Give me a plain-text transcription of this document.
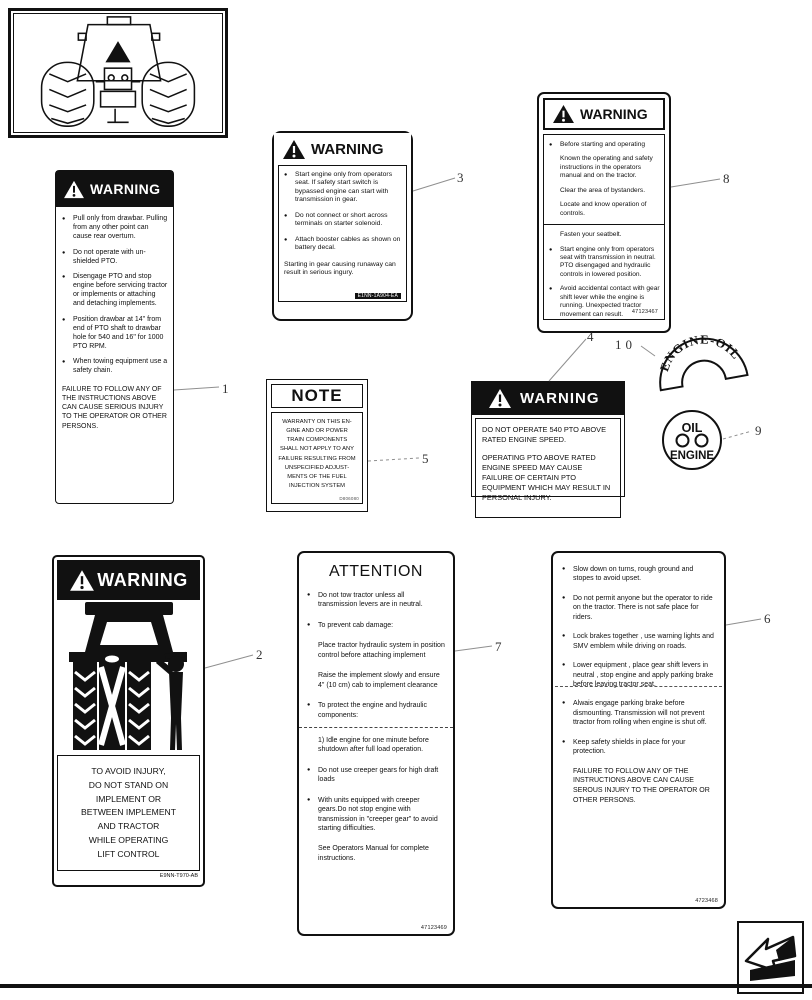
WARNING
● Pull only from drawbar. Pulling from any other point can cause rear overturn.
● Do not operate with un-shielded PTO.
● Disengage PTO and stop engine before servicing tractor or implements or attaching and detaching implements.
● Position drawbar at 14" from end of PTO shaft to drawbar hole for 540 and 16" for 1000 PTO RPM.
● When towing equipment use a safety chain.
FAILURE TO FOLLOW ANY OF THE INSTRUCTIONS ABOVE CAN CAUSE SERIOUS INJURY TO THE OPERATOR OR OTHER PERSONS.
WARNING
● Start engine only from operators seat. If safety start switch is bypassed engine can start with transmission in gear.
● Do not connect or short across terminals on starter solenoid.
● Attach booster cables as shown on battery decal.
Starting in gear causing runaway can result in serious ingury.
E1NN-1A904-EA
WARNING
● Before starting and operating
Known the operating and safety instructions in the operators manual and on the tractor.
Clear the area of bystanders.
Locate and know operation of controls.
Fasten your seatbelt.
● Start engine only from operators seat with transmission in neutral. PTO disengaged and hydraulic controls in lowered position.
● Avoid accidental contact with gear shift lever while the engine is running. Unexpected tractor movement can result.	47123467
WARNING

DO NOT OPERATE 540 PTO ABOVE RATED ENGINE SPEED.

OPERATING PTO ABOVE RATED ENGINE SPEED MAY CAUSE FAILURE OF CERTAIN PTO EQUIPMENT WHICH MAY RESULT IN PERSONAL INJURY.

NOTE
WARRANTY ON THIS EN-
GINE AND OR POWER
TRAIN COMPONENTS
SHALL NOT APPLY TO ANY
FAILURE RESULTING FROM
UNSPECIFIED ADJUST-
MENTS OF THE FUEL
INJECTION SYSTEM
D806080
ENGINE-OIL
OIL
ENGINE
WARNING
TO AVOID INJURY,
DO NOT STAND ON
IMPLEMENT OR
BETWEEN IMPLEMENT
AND TRACTOR
WHILE OPERATING
LIFT CONTROL
E9NN-T970-AB
ATTENTION
● Do not tow tractor unless all transmission levers are in neutral.
● To prevent cab damage:
Place tractor hydraulic system in position control before attaching implement
Raise the implement slowly and ensure 4" (10 cm) cab to implement clearance
● To protect the engine and hydraulic components:
1) Idle engine for one minute before shutdown after full load operation.
● Do not use creeper gears for high draft loads
● With units equipped with creeper gears.Do not stop engine with transmission in "creeper gear" to avoid starting difficulties.
See Operators Manual for complete instructions.
47123469
● Slow down on turns, rough ground and stopes to avoid upset.
● Do not permit anyone but the operator to ride on the tractor. There is not safe place for riders.
● Lock brakes together , use warning lights and SMV emblem while driving on roads.
● Lower equipment , place gear shift levers in neutral , stop engine and apply parking brake before leaving tractor seat.
● Alwais engage parking brake before dismounting. Transmission will not prevent ttractor from rolling when engine is shut off.
● Keep safety shields in place for your protection.
FAILURE TO FOLLOW ANY OF THE INSTRUCTIONS ABOVE CAN CAUSE SEROUS INJURY TO THE OPERATOR OR OTHER PERSONS.
4723468
1
2
3
4
5
6
7
8
9
10
